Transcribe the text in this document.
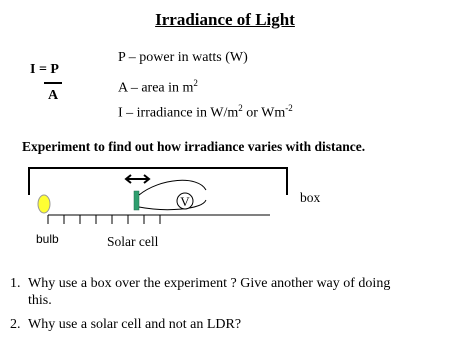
Irradiance of Light
I = P
A
P – power in watts (W)
A – area in $m^2$
I – irradiance in $W/m^2$ or $Wm^{-2}$
Experiment to find out how irradiance varies with distance.
V	box
bulb	Solar cell
1. Why use a box over the experiment ? Give another way of doing
this.
2. Why use a solar cell and not an LDR?
